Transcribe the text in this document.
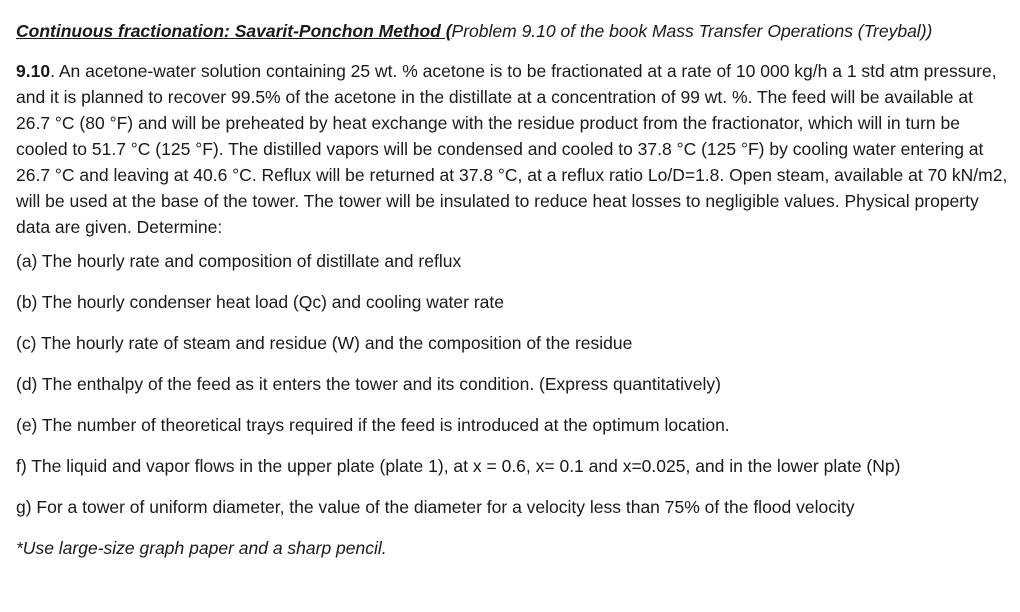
Continuous fractionation: Savarit-Ponchon Method (Problem 9.10 of the book Mass Transfer Operations (Treybal))

9.10. An acetone-water solution containing 25 wt. % acetone is to be fractionated at a rate of 10 000 kg/h a 1 std atm pressure, and it is planned to recover 99.5% of the acetone in the distillate at a concentration of 99 wt. %. The feed will be available at 26.7 °C (80 °F) and will be preheated by heat exchange with the residue product from the fractionator, which will in turn be cooled to 51.7 °C (125 °F). The distilled vapors will be condensed and cooled to 37.8 °C (125 °F) by cooling water entering at 26.7 °C and leaving at 40.6 °C. Reflux will be returned at 37.8 °C, at a reflux ratio Lo/D=1.8. Open steam, available at 70 kN/m2, will be used at the base of the tower. The tower will be insulated to reduce heat losses to negligible values. Physical property data are given. Determine:

(a) The hourly rate and composition of distillate and reflux

(b) The hourly condenser heat load (Qc) and cooling water rate

(c) The hourly rate of steam and residue (W) and the composition of the residue

(d) The enthalpy of the feed as it enters the tower and its condition. (Express quantitatively)

(e) The number of theoretical trays required if the feed is introduced at the optimum location.

f) The liquid and vapor flows in the upper plate (plate 1), at x = 0.6, x= 0.1 and x=0.025, and in the lower plate (Np)

g) For a tower of uniform diameter, the value of the diameter for a velocity less than 75% of the flood velocity

*Use large-size graph paper and a sharp pencil.
